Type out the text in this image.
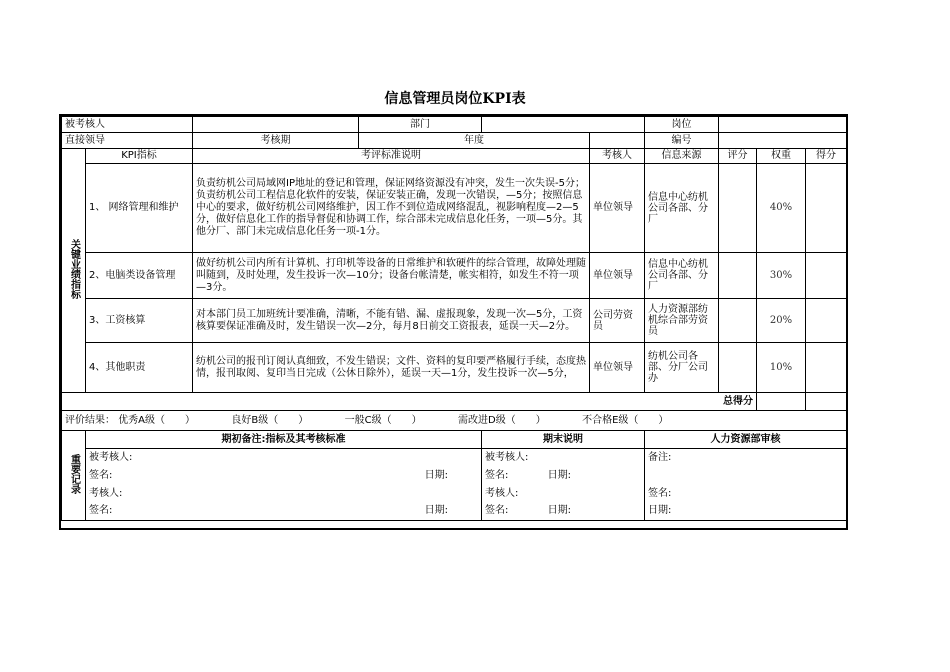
信息管理员岗位KPI表
被考核人			部门			岗位			
直接领导		考核期	年度			编号			
关键业绩指标	KPI指标	考评标准说明			考核人	信息来源	评分	权重	得分
	1、 网络管理和维护	负责纺机公司局域网IP地址的登记和管理，保证网络资源没有冲突，发生一次失误-5分；负责纺机公司工程信息化软件的安装，保证安装正确，发现一次错误，—5分；按照信息中心的要求，做好纺机公司网络维护，因工作不到位造成网络混乱，视影响程度—2—5分，做好信息化工作的指导督促和协调工作，综合部未完成信息化任务，一项—5分。其他分厂、部门未完成信息化任务一项-1分。			单位领导	信息中心纺机公司各部、分厂		40%	
	2、电脑类设备管理	做好纺机公司内所有计算机、打印机等设备的日常维护和软硬件的综合管理，故障处理随叫随到，及时处理，发生投诉一次—10分；设备台帐清楚，帐实相符，如发生不符一项—3分。			单位领导	信息中心纺机公司各部、分厂		30%	
	3、工资核算	对本部门员工加班统计要准确，清晰，不能有错、漏、虚报现象，发现一次—5分，工资核算要保证准确及时，发生错误一次—2分，每月8日前交工资报表，延误一天—2分。			公司劳资员	人力资源部纺机综合部劳资员		20%	
	4、其他职责	纺机公司的报刊订阅认真细致，不发生错误；文件、资料的复印要严格履行手续，态度热情，报刊取阅、复印当日完成（公休日除外），延误一天—1分，发生投诉一次—5分，			单位领导	纺机公司各部、分厂公司办		10%	
总得分									
评价结果： 优秀A级（　　） 良好B级（　　） 一般C级（　　） 需改进D级（　　） 不合格E级（　　）									
重要记录	期初备注:指标及其考核标准			期末说明		人力资源部审核			
	被考核人:			被考核人:		备注:			

	签名: 日期:			签名: 日期:					

	考核人:			考核人:		签名:			

	签名: 日期:			签名: 日期:		日期:			
